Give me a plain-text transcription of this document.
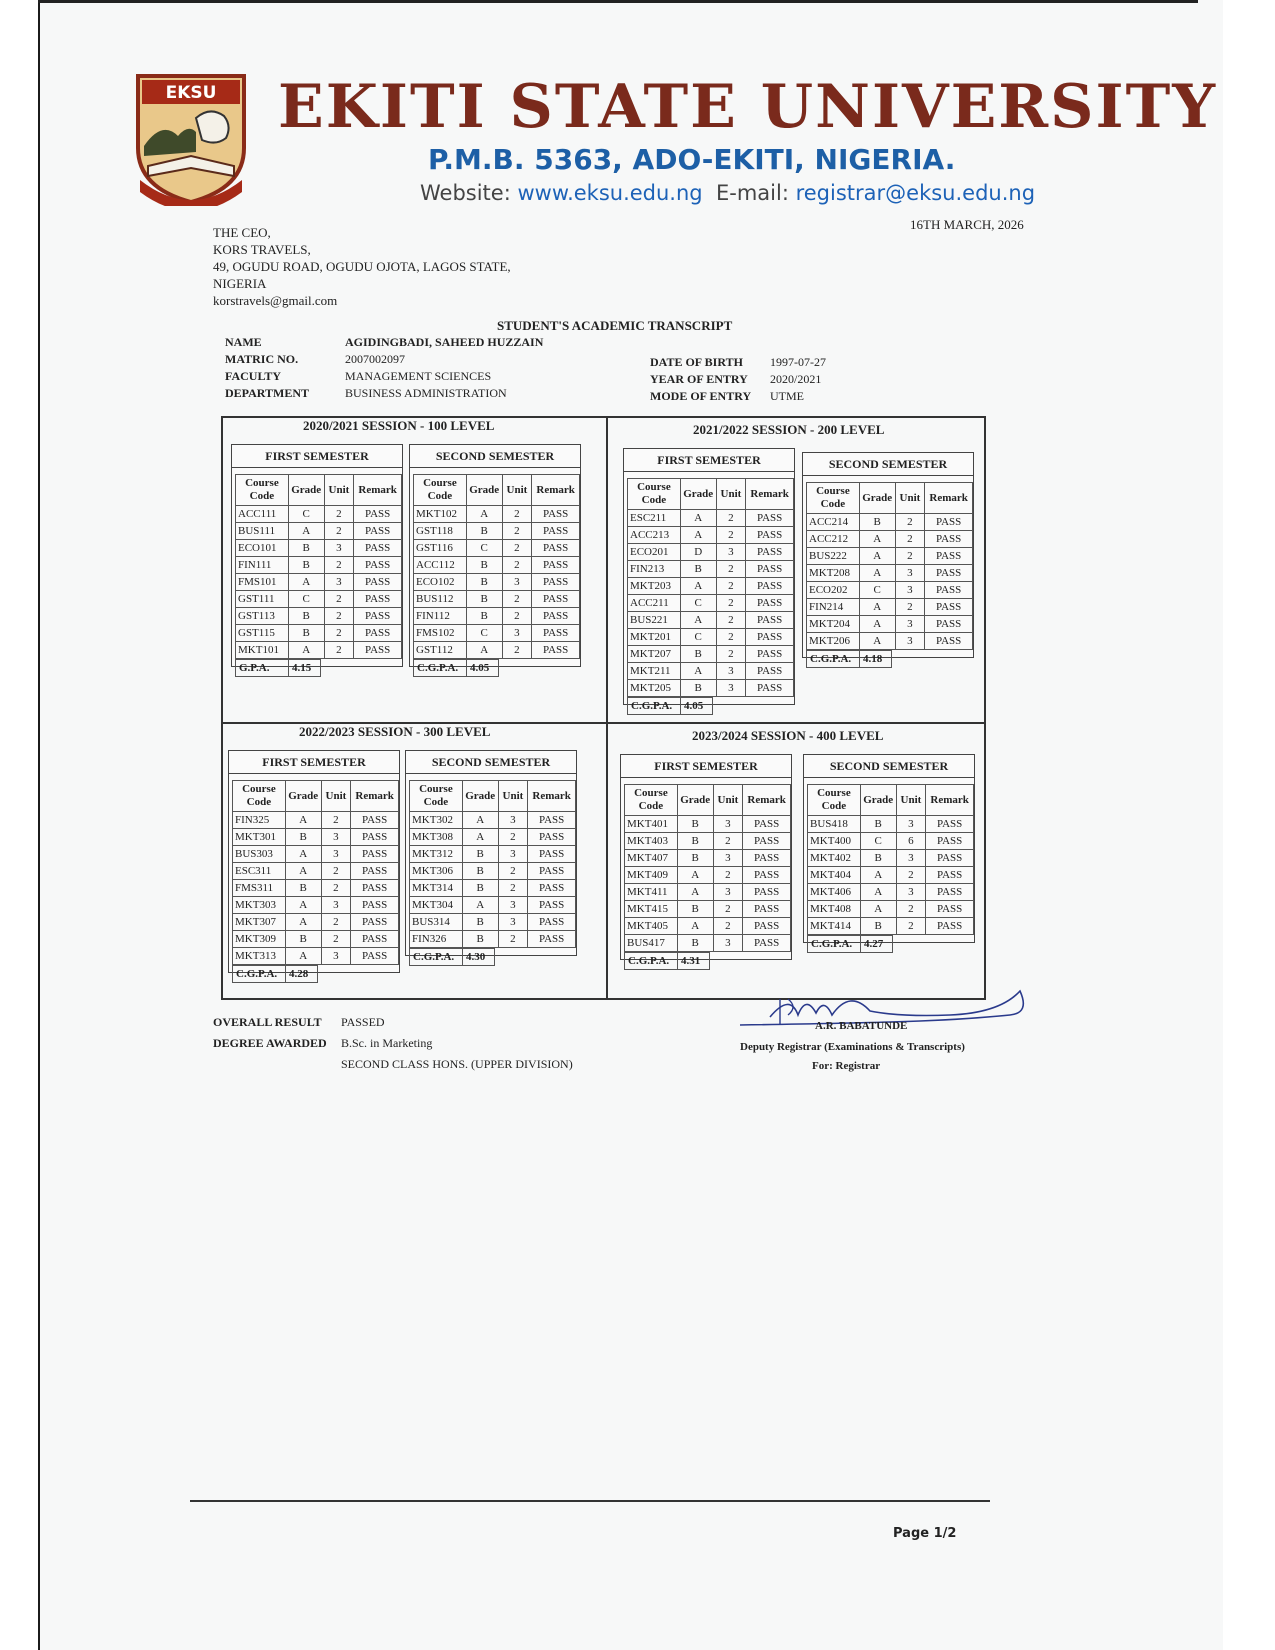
EKSU EKITI STATE UNIVERSITY
P.M.B. 5363, ADO-EKITI, NIGERIA.
Website: www.eksu.edu.ng E-mail: registrar@eksu.edu.ng
16TH MARCH, 2026
THE CEO,
KORS TRAVELS,
49, OGUDU ROAD, OGUDU OJOTA, LAGOS STATE,
NIGERIA
korstravels@gmail.com
STUDENT'S ACADEMIC TRANSCRIPT
NAME	AGIDINGBADI, SAHEED HUZZAIN
MATRIC NO.	2007002097
FACULTY	MANAGEMENT SCIENCES
DEPARTMENT	BUSINESS ADMINISTRATION
DATE OF BIRTH	1997-07-27
YEAR OF ENTRY	2020/2021
MODE OF ENTRY	UTME
2020/2021 SESSION - 100 LEVEL
FIRST SEMESTER
Course Code	Grade	Unit	Remark
ACC111	C	2	PASS
BUS111	A	2	PASS
ECO101	B	3	PASS
FIN111	B	2	PASS
FMS101	A	3	PASS
GST111	C	2	PASS
GST113	B	2	PASS
GST115	B	2	PASS
MKT101	A	2	PASS
G.P.A.	4.15
SECOND SEMESTER
Course Code	Grade	Unit	Remark
MKT102	A	2	PASS
GST118	B	2	PASS
GST116	C	2	PASS
ACC112	B	2	PASS
ECO102	B	3	PASS
BUS112	B	2	PASS
FIN112	B	2	PASS
FMS102	C	3	PASS
GST112	A	2	PASS
C.G.P.A.	4.05
2021/2022 SESSION - 200 LEVEL
FIRST SEMESTER
Course Code	Grade	Unit	Remark
ESC211	A	2	PASS
ACC213	A	2	PASS
ECO201	D	3	PASS
FIN213	B	2	PASS
MKT203	A	2	PASS
ACC211	C	2	PASS
BUS221	A	2	PASS
MKT201	C	2	PASS
MKT207	B	2	PASS
MKT211	A	3	PASS
MKT205	B	3	PASS
C.G.P.A.	4.05
SECOND SEMESTER
Course Code	Grade	Unit	Remark
ACC214	B	2	PASS
ACC212	A	2	PASS
BUS222	A	2	PASS
MKT208	A	3	PASS
ECO202	C	3	PASS
FIN214	A	2	PASS
MKT204	A	3	PASS
MKT206	A	3	PASS
C.G.P.A.	4.18
2022/2023 SESSION - 300 LEVEL
FIRST SEMESTER
Course Code	Grade	Unit	Remark
FIN325	A	2	PASS
MKT301	B	3	PASS
BUS303	A	3	PASS
ESC311	A	2	PASS
FMS311	B	2	PASS
MKT303	A	3	PASS
MKT307	A	2	PASS
MKT309	B	2	PASS
MKT313	A	3	PASS
C.G.P.A.	4.28
SECOND SEMESTER
Course Code	Grade	Unit	Remark
MKT302	A	3	PASS
MKT308	A	2	PASS
MKT312	B	3	PASS
MKT306	B	2	PASS
MKT314	B	2	PASS
MKT304	A	3	PASS
BUS314	B	3	PASS
FIN326	B	2	PASS
C.G.P.A.	4.30
2023/2024 SESSION - 400 LEVEL
FIRST SEMESTER
Course Code	Grade	Unit	Remark
MKT401	B	3	PASS
MKT403	B	2	PASS
MKT407	B	3	PASS
MKT409	A	2	PASS
MKT411	A	3	PASS
MKT415	B	2	PASS
MKT405	A	2	PASS
BUS417	B	3	PASS
C.G.P.A.	4.31
SECOND SEMESTER
Course Code	Grade	Unit	Remark
BUS418	B	3	PASS
MKT400	C	6	PASS
MKT402	B	3	PASS
MKT404	A	2	PASS
MKT406	A	3	PASS
MKT408	A	2	PASS
MKT414	B	2	PASS
C.G.P.A.	4.27
OVERALL RESULT	PASSED
DEGREE AWARDED	B.Sc. in Marketing
SECOND CLASS HONS. (UPPER DIVISION)
A.R. BABATUNDE
Deputy Registrar (Examinations & Transcripts)
For: Registrar
Page 1/2
